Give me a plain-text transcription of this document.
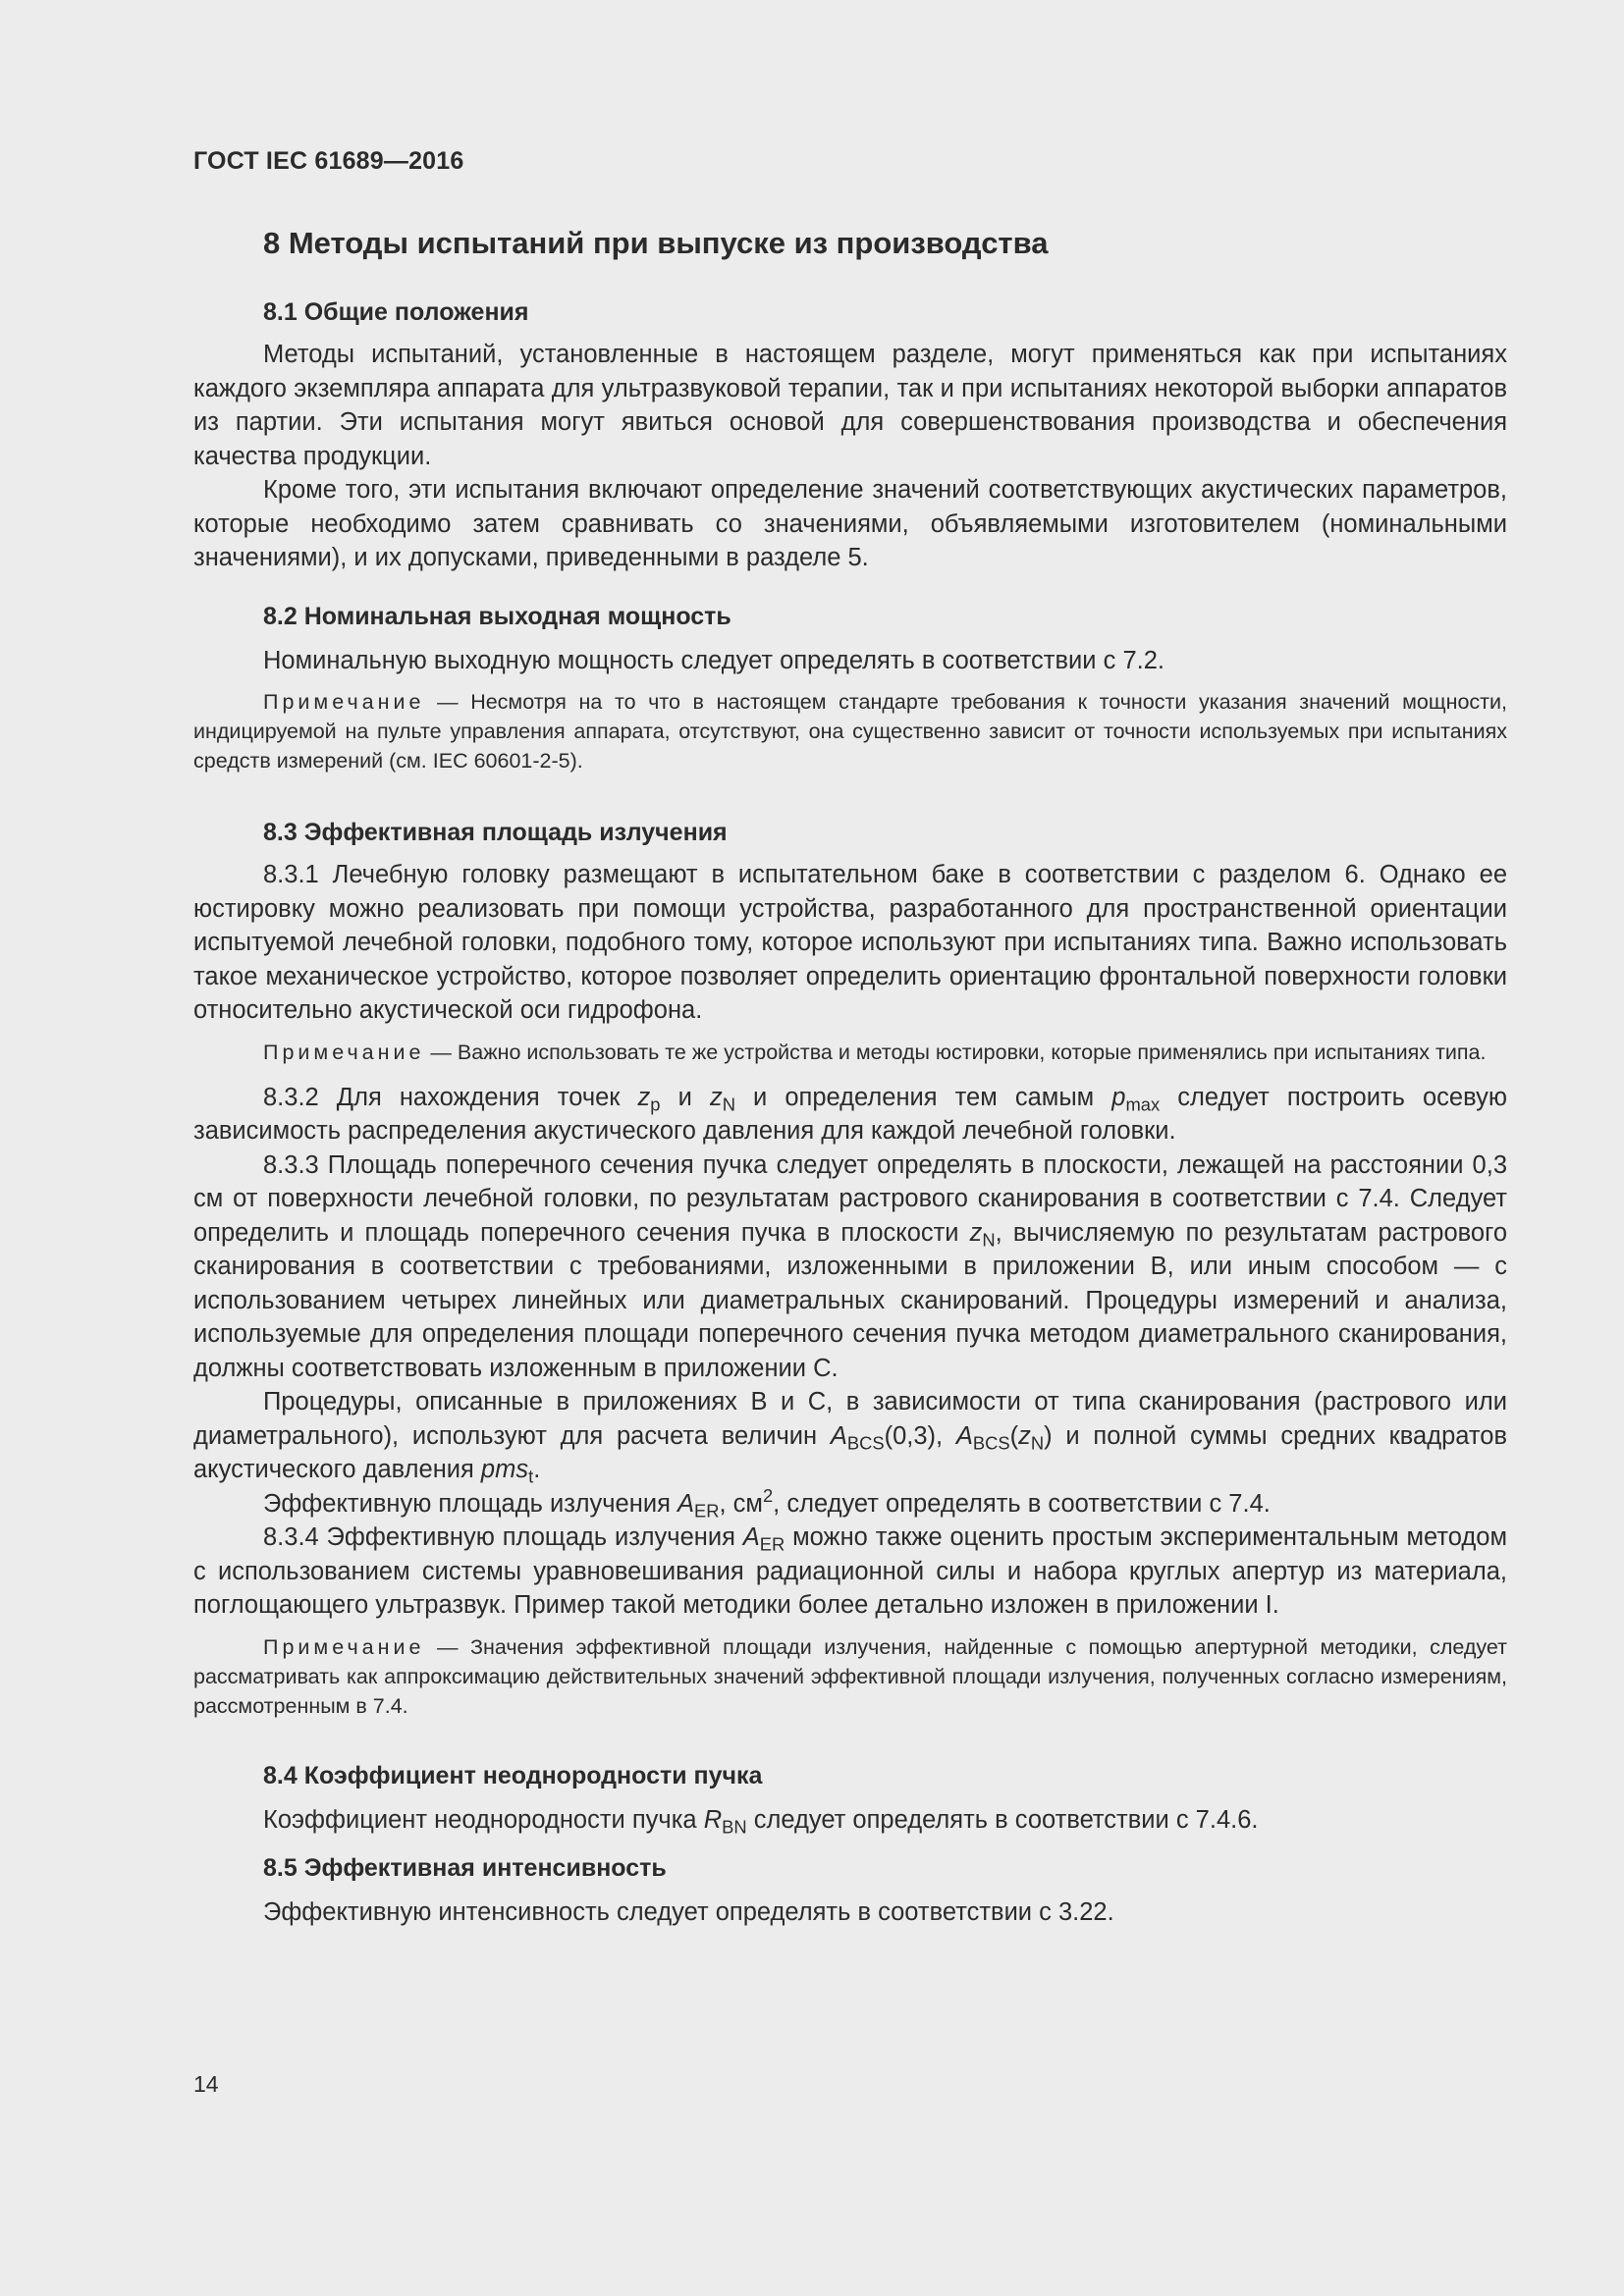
ГОСТ IEC 61689—2016
8 Методы испытаний при выпуске из производства
8.1 Общие положения

Методы испытаний, установленные в настоящем разделе, могут применяться как при испытаниях каждого экземпляра аппарата для ультразвуковой терапии, так и при испытаниях некоторой выборки аппаратов из партии. Эти испытания могут явиться основой для совершенствования производства и обеспечения качества продукции.

Кроме того, эти испытания включают определение значений соответствующих акустических параметров, которые необходимо затем сравнивать со значениями, объявляемыми изготовителем (номинальными значениями), и их допусками, приведенными в разделе 5.

8.2 Номинальная выходная мощность

Номинальную выходную мощность следует определять в соответствии с 7.2.

Примечание — Несмотря на то что в настоящем стандарте требования к точности указания значений мощности, индицируемой на пульте управления аппарата, отсутствуют, она существенно зависит от точности используемых при испытаниях средств измерений (см. IEC 60601-2-5).

8.3 Эффективная площадь излучения

8.3.1 Лечебную головку размещают в испытательном баке в соответствии с разделом 6. Однако ее юстировку можно реализовать при помощи устройства, разработанного для пространственной ориентации испытуемой лечебной головки, подобного тому, которое используют при испытаниях типа. Важно использовать такое механическое устройство, которое позволяет определить ориентацию фронтальной поверхности головки относительно акустической оси гидрофона.

Примечание — Важно использовать те же устройства и методы юстировки, которые применялись при испытаниях типа.

8.3.2 Для нахождения точек $z_p$ и $z_N$ и определения тем самым $p_{max}$ следует построить осевую зависимость распределения акустического давления для каждой лечебной головки.

8.3.3 Площадь поперечного сечения пучка следует определять в плоскости, лежащей на расстоянии 0,3 см от поверхности лечебной головки, по результатам растрового сканирования в соответствии с 7.4. Следует определить и площадь поперечного сечения пучка в плоскости $z_N$, вычисляемую по результатам растрового сканирования в соответствии с требованиями, изложенными в приложении В, или иным способом — с использованием четырех линейных или диаметральных сканирований. Процедуры измерений и анализа, используемые для определения площади поперечного сечения пучка методом диаметрального сканирования, должны соответствовать изложенным в приложении С.

Процедуры, описанные в приложениях В и С, в зависимости от типа сканирования (растрового или диаметрального), используют для расчета величин $A_{BCS}(0,3)$, $A_{BCS}(z_N)$ и полной суммы средних квадратов акустического давления pms$_t$.

Эффективную площадь излучения $A_{ER}$, $см^2$, следует определять в соответствии с 7.4.

8.3.4 Эффективную площадь излучения $A_{ER}$ можно также оценить простым экспериментальным методом с использованием системы уравновешивания радиационной силы и набора круглых апертур из материала, поглощающего ультразвук. Пример такой методики более детально изложен в приложении I.

Примечание — Значения эффективной площади излучения, найденные с помощью апертурной методики, следует рассматривать как аппроксимацию действительных значений эффективной площади излучения, полученных согласно измерениям, рассмотренным в 7.4.

8.4 Коэффициент неоднородности пучка

Коэффициент неоднородности пучка $R_{BN}$ следует определять в соответствии с 7.4.6.

8.5 Эффективная интенсивность

Эффективную интенсивность следует определять в соответствии с 3.22.

14
